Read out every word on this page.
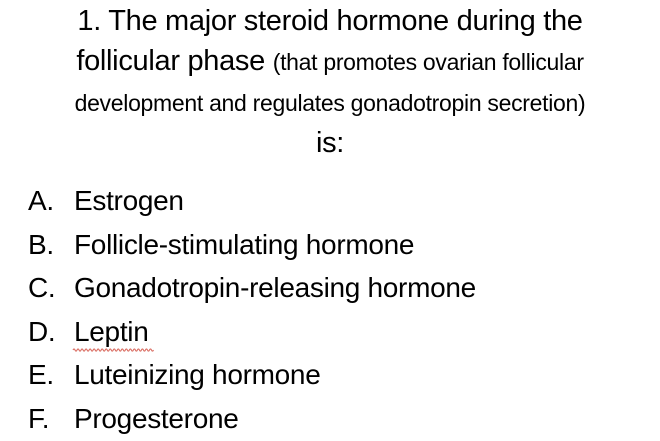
1. The major steroid hormone during the
follicular phase (that promotes ovarian follicular
development and regulates gonadotropin secretion)
is:
A. Estrogen
B. Follicle-stimulating hormone
C. Gonadotropin-releasing hormone
D. Leptin
E. Luteinizing hormone
F. Progesterone
